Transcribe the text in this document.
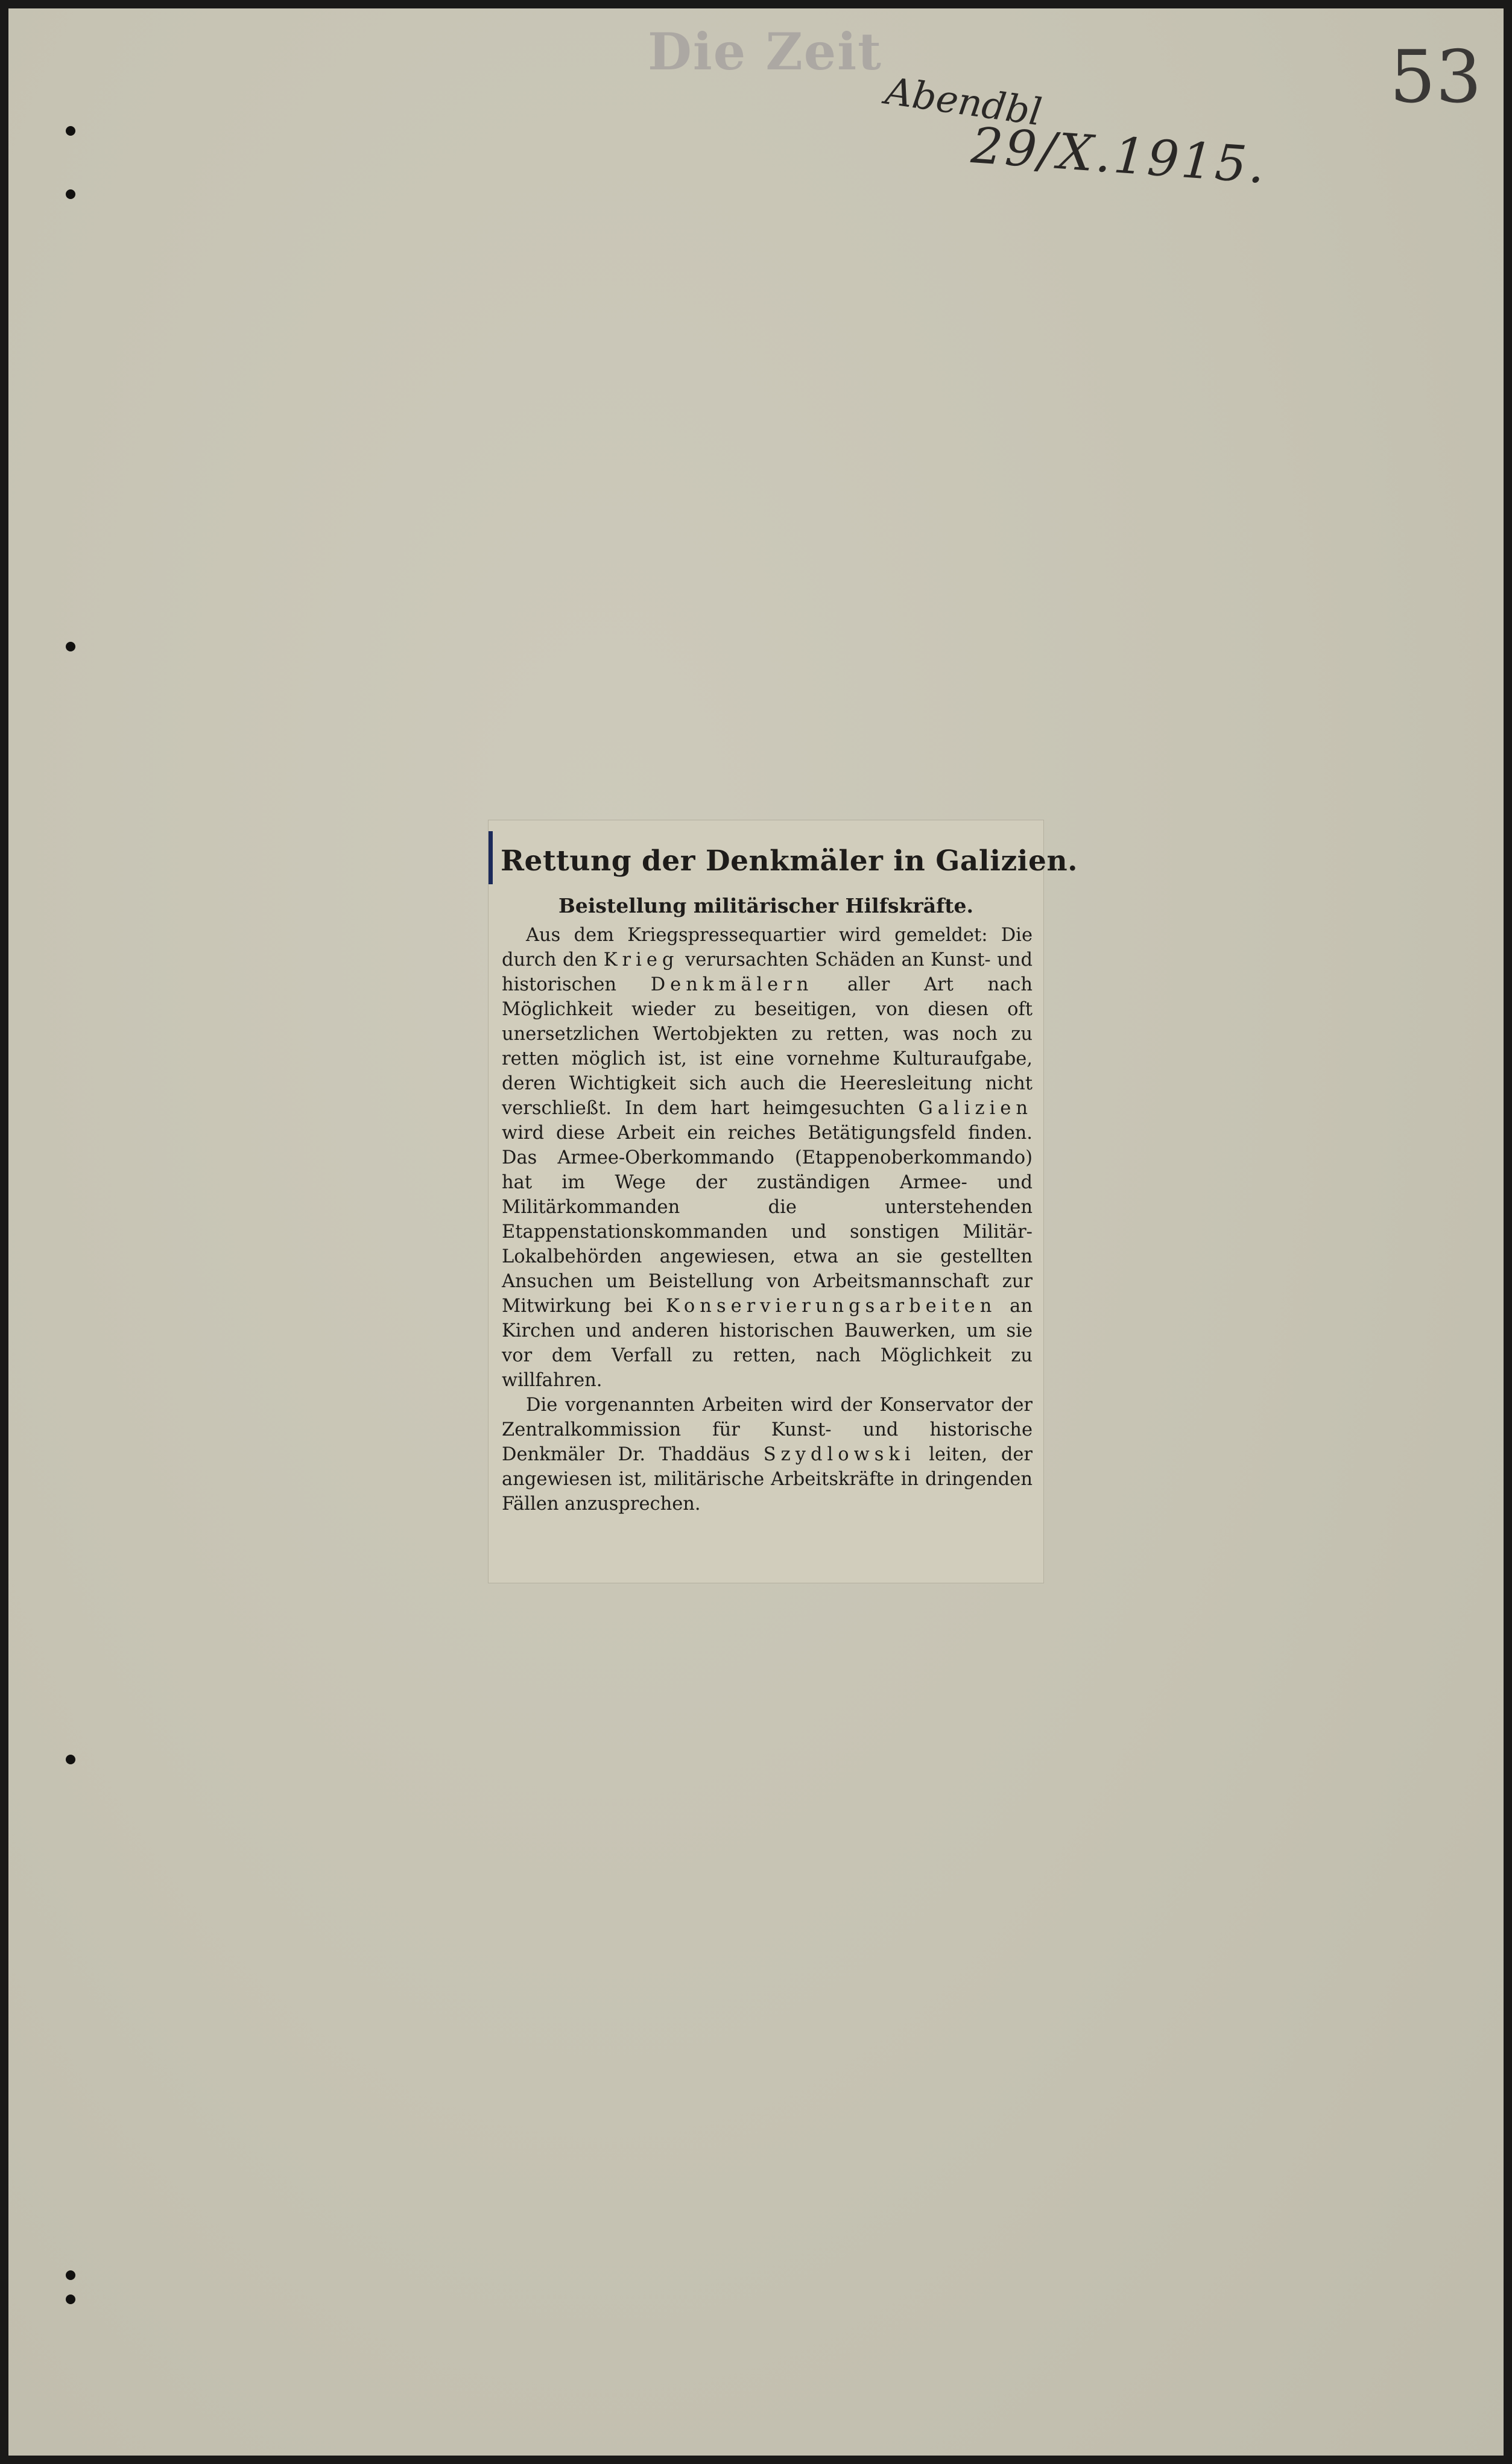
Die Zeit
Abendbl
29/X.1915.
53
Rettung der Denkmäler in Galizien.
Beistellung militärischer Hilfskräfte.

Aus dem Kriegspressequartier wird gemeldet: Die durch den Krieg verursachten Schäden an Kunst- und historischen Denkmälern aller Art nach Möglichkeit wieder zu beseitigen, von diesen oft unersetzlichen Wertobjekten zu retten, was noch zu retten möglich ist, ist eine vornehme Kulturaufgabe, deren Wichtigkeit sich auch die Heeresleitung nicht verschließt. In dem hart heimgesuchten Galizien wird diese Arbeit ein reiches Betätigungsfeld finden. Das Armee-Oberkommando (Etappenoberkommando) hat im Wege der zuständigen Armee- und Militärkommanden die unterstehenden Etappenstationskommanden und sonstigen Militär-Lokalbehörden angewiesen, etwa an sie gestellten Ansuchen um Beistellung von Arbeitsmannschaft zur Mitwirkung bei Konservierungsarbeiten an Kirchen und anderen historischen Bauwerken, um sie vor dem Verfall zu retten, nach Möglichkeit zu willfahren.

Die vorgenannten Arbeiten wird der Konservator der Zentralkommission für Kunst- und historische Denkmäler Dr. Thaddäus Szydlowski leiten, der angewiesen ist, militärische Arbeitskräfte in dringenden Fällen anzusprechen.
